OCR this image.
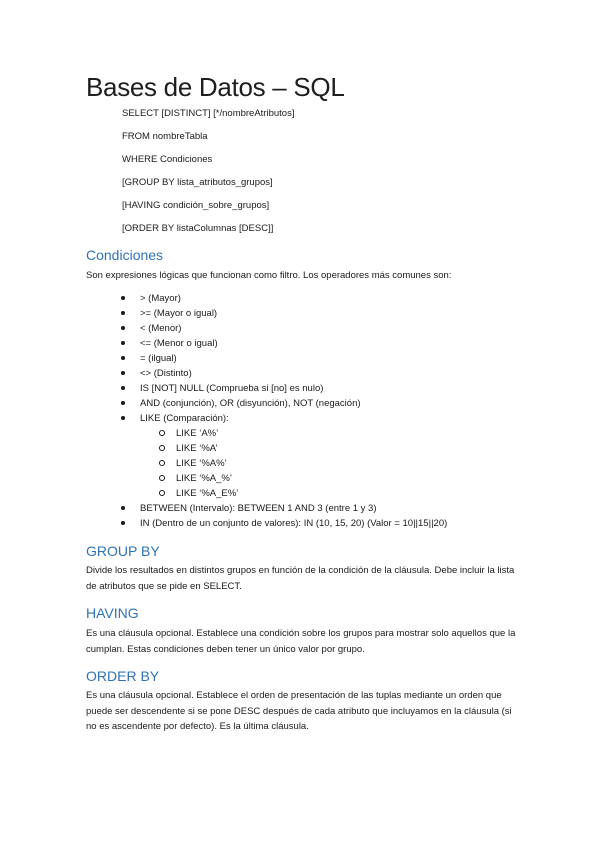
Bases de Datos – SQL
SELECT [DISTINCT] [*/nombreAtributos]
FROM nombreTabla
WHERE Condiciones
[GROUP BY lista_atributos_grupos]
[HAVING condición_sobre_grupos]
[ORDER BY listaColumnas [DESC]]
Condiciones

Son expresiones lógicas que funcionan como filtro. Los operadores más comunes son:

> (Mayor)
>= (Mayor o igual)
< (Menor)
<= (Menor o igual)
= (ilgual)
<> (Distinto)
IS [NOT] NULL (Comprueba si [no] es nulo)
AND (conjunción), OR (disyunción), NOT (negación)
LIKE (Comparación):
LIKE ‘A%’
LIKE ‘%A’
LIKE ‘%A%’
LIKE ‘%A_%’
LIKE ‘%A_E%’
BETWEEN (Intervalo): BETWEEN 1 AND 3 (entre 1 y 3)
IN (Dentro de un conjunto de valores): IN (10, 15, 20) (Valor = 10||15||20)
GROUP BY

Divide los resultados en distintos grupos en función de la condición de la cláusula. Debe incluir la lista de atributos que se pide en SELECT.

HAVING

Es una cláusula opcional. Establece una condición sobre los grupos para mostrar solo aquellos que la cumplan. Estas condiciones deben tener un único valor por grupo.

ORDER BY

Es una cláusula opcional. Establece el orden de presentación de las tuplas mediante un orden que puede ser descendente si se pone DESC después de cada atributo que incluyamos en la cláusula (si no es ascendente por defecto). Es la última cláusula.
